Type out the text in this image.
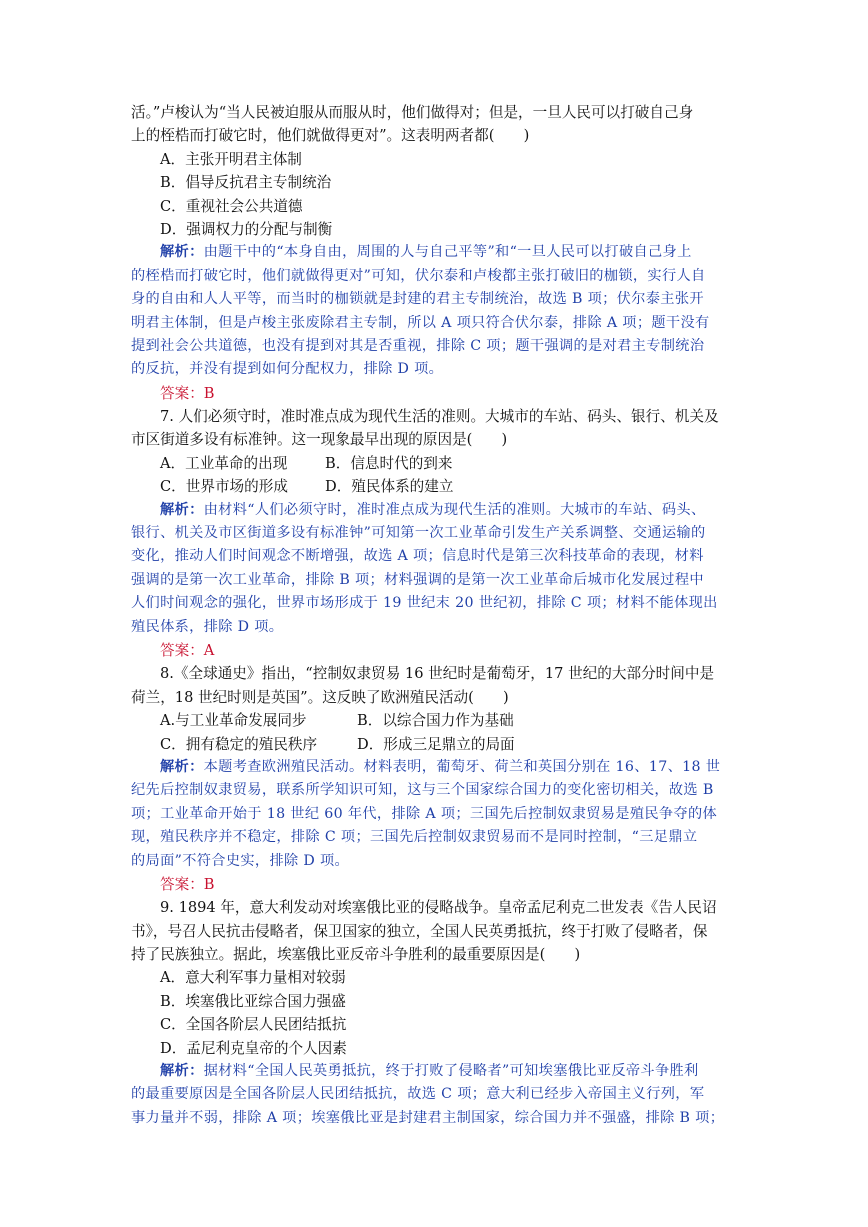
活。”卢梭认为“当人民被迫服从而服从时，他们做得对；但是，一旦人民可以打破自己身
上的桎梏而打破它时，他们就做得更对”。这表明两者都(　　)
A．主张开明君主体制
B．倡导反抗君主专制统治
C．重视社会公共道德
D．强调权力的分配与制衡
解析：由题干中的“本身自由，周围的人与自己平等”和“一旦人民可以打破自己身上
的桎梏而打破它时，他们就做得更对”可知，伏尔泰和卢梭都主张打破旧的枷锁，实行人自
身的自由和人人平等，而当时的枷锁就是封建的君主专制统治，故选 B 项；伏尔泰主张开
明君主体制，但是卢梭主张废除君主专制，所以 A 项只符合伏尔泰，排除 A 项；题干没有
提到社会公共道德，也没有提到对其是否重视，排除 C 项；题干强调的是对君主专制统治
的反抗，并没有提到如何分配权力，排除 D 项。
答案：B
7. 人们必须守时，准时准点成为现代生活的准则。大城市的车站、码头、银行、机关及
市区街道多设有标准钟。这一现象最早出现的原因是(　　)
A．工业革命的出现	B．信息时代的到来
C．世界市场的形成	D．殖民体系的建立
解析：由材料“人们必须守时，准时准点成为现代生活的准则。大城市的车站、码头、
银行、机关及市区街道多设有标准钟”可知第一次工业革命引发生产关系调整、交通运输的
变化，推动人们时间观念不断增强，故选 A 项；信息时代是第三次科技革命的表现，材料
强调的是第一次工业革命，排除 B 项；材料强调的是第一次工业革命后城市化发展过程中
人们时间观念的强化，世界市场形成于 19 世纪末 20 世纪初，排除 C 项；材料不能体现出
殖民体系，排除 D 项。
答案：A
8.《全球通史》指出，“控制奴隶贸易 16 世纪时是葡萄牙，17 世纪的大部分时间中是
荷兰，18 世纪时则是英国”。这反映了欧洲殖民活动(　　)
A.与工业革命发展同步	B．以综合国力作为基础
C．拥有稳定的殖民秩序	D．形成三足鼎立的局面
解析：本题考查欧洲殖民活动。材料表明，葡萄牙、荷兰和英国分别在 16、17、18 世
纪先后控制奴隶贸易，联系所学知识可知，这与三个国家综合国力的变化密切相关，故选 B
项；工业革命开始于 18 世纪 60 年代，排除 A 项；三国先后控制奴隶贸易是殖民争夺的体
现，殖民秩序并不稳定，排除 C 项；三国先后控制奴隶贸易而不是同时控制，“三足鼎立
的局面”不符合史实，排除 D 项。
答案：B
9. 1894 年，意大利发动对埃塞俄比亚的侵略战争。皇帝孟尼利克二世发表《告人民诏
书》，号召人民抗击侵略者，保卫国家的独立，全国人民英勇抵抗，终于打败了侵略者，保
持了民族独立。据此，埃塞俄比亚反帝斗争胜利的最重要原因是(　　)
A．意大利军事力量相对较弱
B．埃塞俄比亚综合国力强盛
C．全国各阶层人民团结抵抗
D．孟尼利克皇帝的个人因素
解析：据材料“全国人民英勇抵抗，终于打败了侵略者”可知埃塞俄比亚反帝斗争胜利
的最重要原因是全国各阶层人民团结抵抗，故选 C 项；意大利已经步入帝国主义行列，军
事力量并不弱，排除 A 项；埃塞俄比亚是封建君主制国家，综合国力并不强盛，排除 B 项；
